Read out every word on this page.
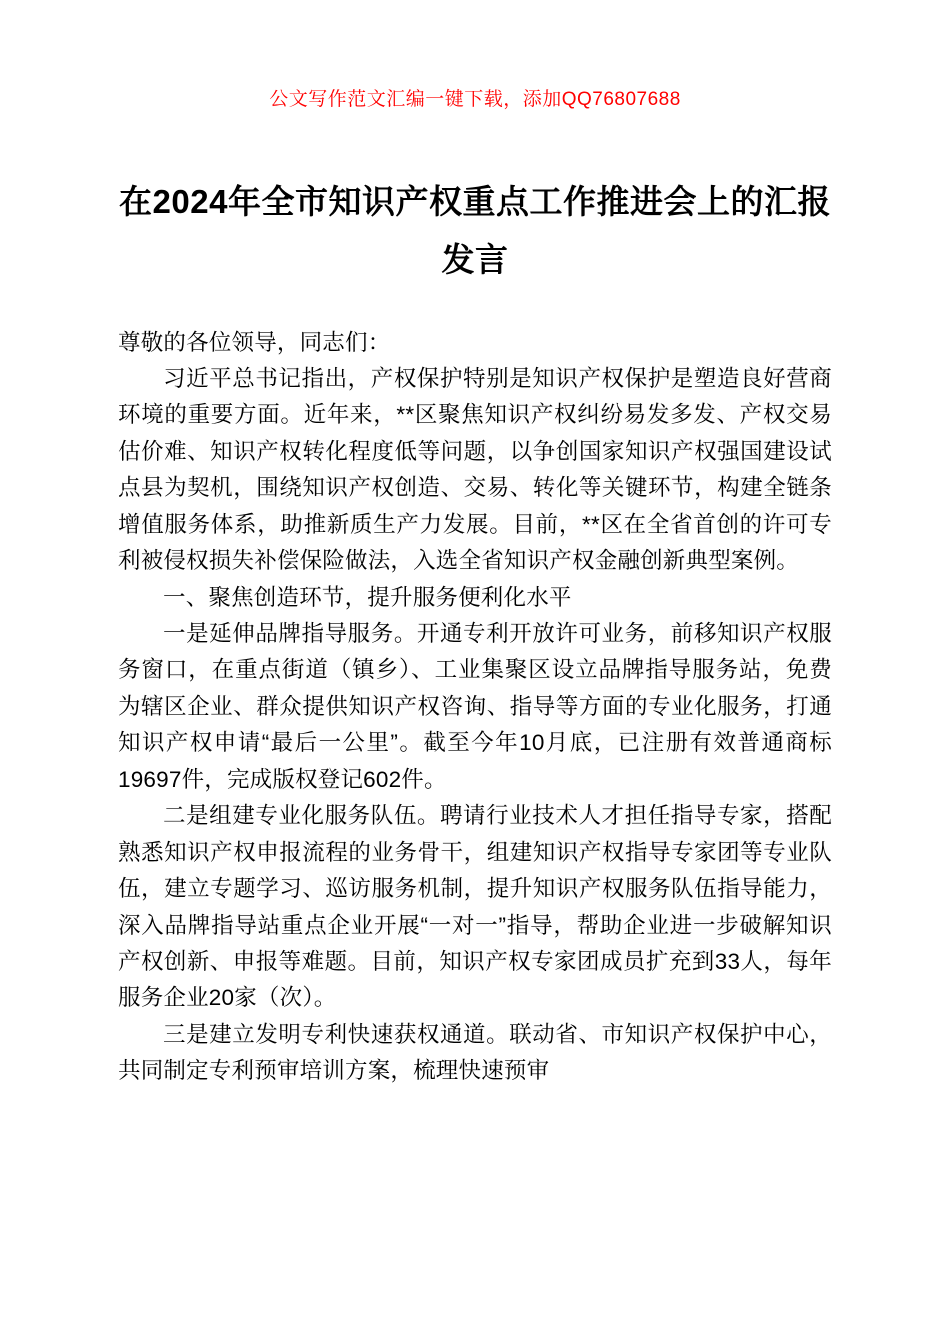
公文写作范文汇编一键下载，添加QQ76807688
在2024年全市知识产权重点工作推进会上的汇报发言

尊敬的各位领导，同志们：

习近平总书记指出，产权保护特别是知识产权保护是塑造良好营商环境的重要方面。近年来，**区聚焦知识产权纠纷易发多发、产权交易估价难、知识产权转化程度低等问题，以争创国家知识产权强国建设试点县为契机，围绕知识产权创造、交易、转化等关键环节，构建全链条增值服务体系，助推新质生产力发展。目前，**区在全省首创的许可专利被侵权损失补偿保险做法，入选全省知识产权金融创新典型案例。

一、聚焦创造环节，提升服务便利化水平

一是延伸品牌指导服务。开通专利开放许可业务，前移知识产权服务窗口，在重点街道（镇乡）、工业集聚区设立品牌指导服务站，免费为辖区企业、群众提供知识产权咨询、指导等方面的专业化服务，打通知识产权申请“最后一公里”。截至今年10月底，已注册有效普通商标19697件，完成版权登记602件。

二是组建专业化服务队伍。聘请行业技术人才担任指导专家，搭配熟悉知识产权申报流程的业务骨干，组建知识产权指导专家团等专业队伍，建立专题学习、巡访服务机制，提升知识产权服务队伍指导能力，深入品牌指导站重点企业开展“一对一”指导，帮助企业进一步破解知识产权创新、申报等难题。目前，知识产权专家团成员扩充到33人，每年服务企业20家（次）。

三是建立发明专利快速获权通道。联动省、市知识产权保护中心，共同制定专利预审培训方案，梳理快速预审
